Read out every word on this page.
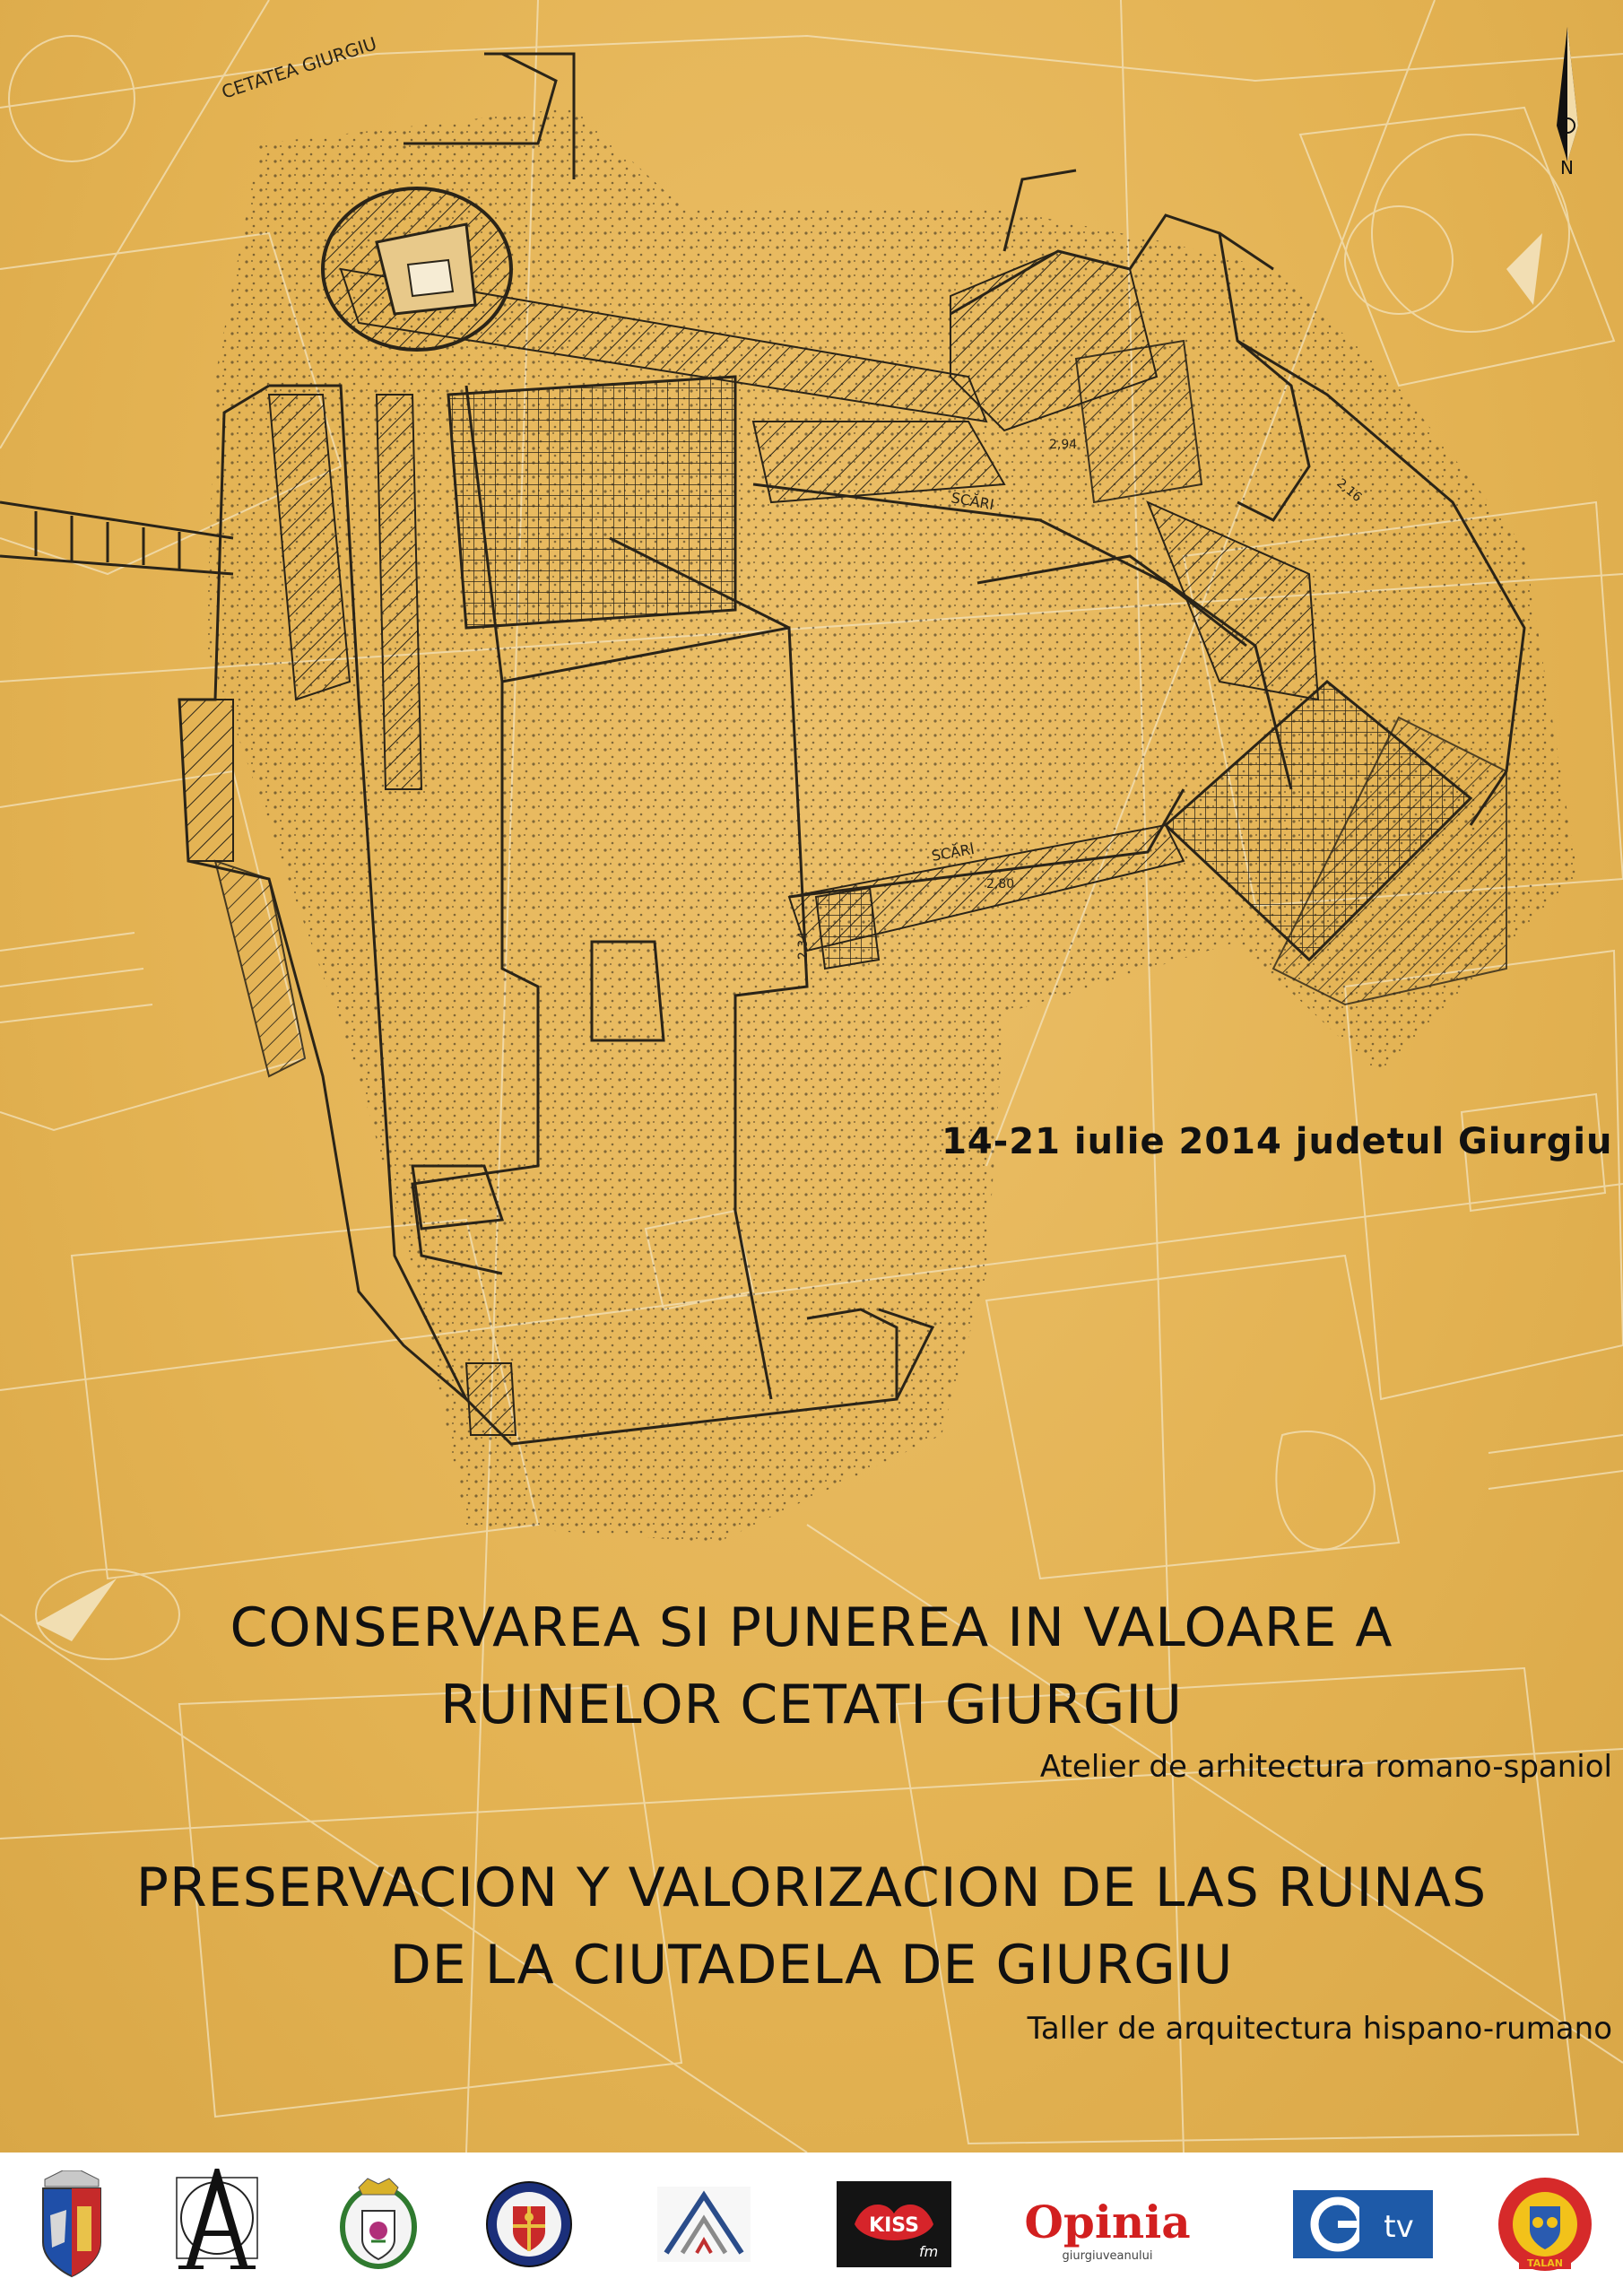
CETATEA GIURGIU
SCĂRI
SCĂRI
2,94
2,80
2,34
2,16
N
14-21 iulie 2014 judetul Giurgiu
CONSERVAREA SI PUNEREA IN VALOARE A
RUINELOR CETATI GIURGIU
Atelier de arhitectura romano-spaniol
PRESERVACION Y VALORIZACION DE LAS RUINAS
DE LA CIUTADELA DE GIURGIU
Taller de arquitectura hispano-rumano
KISS
fm
Opinia
giurgiuveanului
tv
TALAN
